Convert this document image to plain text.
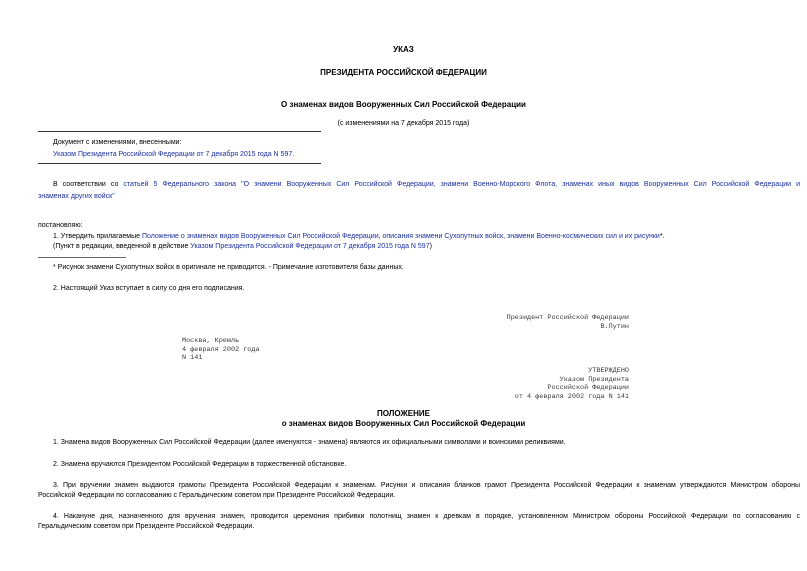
УКАЗ
ПРЕЗИДЕНТА РОССИЙСКОЙ ФЕДЕРАЦИИ
О знаменах видов Вооруженных Сил Российской Федерации
(с изменениями на 7 декабря 2015 года)
Документ с изменениями, внесенными:
Указом Президента Российской Федерации от 7 декабря 2015 года N 597.
В соответствии со статьей 5 Федерального закона "О знамени Вооруженных Сил Российской Федерации, знамени Военно-Морского Флота, знаменах иных видов Вооруженных Сил Российской Федерации и
знаменах других войск"
постановляю:
1. Утвердить прилагаемые Положение о знаменах видов Вооруженных Сил Российской Федерации, описания знамени Сухопутных войск, знамени Военно-космических сил и их рисунки*.
(Пункт в редакции, введенной в действие Указом Президента Российской Федерации от 7 декабря 2015 года N 597)
* Рисунок знамени Сухопутных войск в оригинале не приводится. - Примечание изготовителя базы данных.
2. Настоящий Указ вступает в силу со дня его подписания.
Президент Российской Федерации
В.Путин
Москва, Кремль
4 февраля 2002 года
N 141
УТВЕРЖДЕНО
Указом Президента
Российской Федерации
от 4 февраля 2002 года N 141
ПОЛОЖЕНИЕ
о знаменах видов Вооруженных Сил Российской Федерации
1. Знамена видов Вооруженных Сил Российской Федерации (далее именуются - знамена) являются их официальными символами и воинскими реликвиями.
2. Знамена вручаются Президентом Российской Федерации в торжественной обстановке.
3. При вручении знамен выдаются грамоты Президента Российской Федерации к знаменам. Рисунки и описания бланков грамот Президента Российской Федерации к знаменам утверждаются Министром обороны
Российской Федерации по согласованию с Геральдическим советом при Президенте Российской Федерации.
4. Накануне дня, назначенного для вручения знамен, проводится церемония прибивки полотнищ знамен к древкам в порядке, установленном Министром обороны Российской Федерации по согласованию с
Геральдическим советом при Президенте Российской Федерации.
